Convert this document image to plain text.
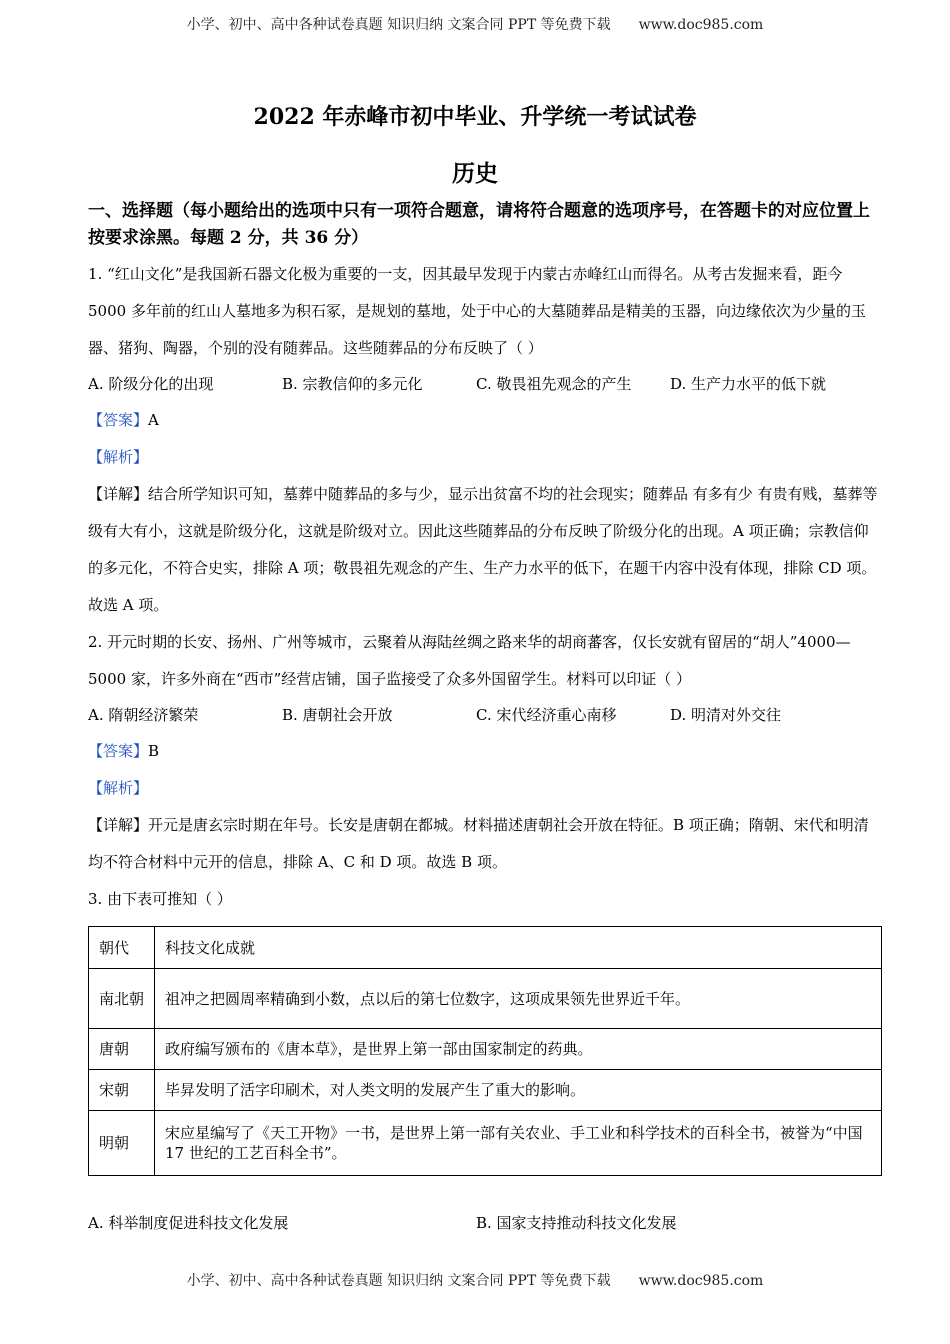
小学、初中、高中各种试卷真题 知识归纳 文案合同 PPT 等免费下载 www.doc985.com
2022 年赤峰市初中毕业、升学统一考试试卷
历史

一、选择题（每小题给出的选项中只有一项符合题意，请将符合题意的选项序号，在答题卡的对应位置上按要求涂黑。每题 2 分，共 36 分）

1. “红山文化”是我国新石器文化极为重要的一支，因其最早发现于内蒙古赤峰红山而得名。从考古发掘来看，距今 5000 多年前的红山人墓地多为积石冢，是规划的墓地，处于中心的大墓随葬品是精美的玉器，向边缘依次为少量的玉器、猪狗、陶器，个别的没有随葬品。这些随葬品的分布反映了（ ）

A. 阶级分化的出现	B. 宗教信仰的多元化	C. 敬畏祖先观念的产生	D. 生产力水平的低下就

【答案】A

【解析】

【详解】结合所学知识可知，墓葬中随葬品的多与少，显示出贫富不均的社会现实；随葬品 有多有少 有贵有贱，墓葬等级有大有小，这就是阶级分化，这就是阶级对立。因此这些随葬品的分布反映了阶级分化的出现。A 项正确；宗教信仰的多元化，不符合史实，排除 A 项；敬畏祖先观念的产生、生产力水平的低下，在题干内容中没有体现，排除 CD 项。故选 A 项。

2. 开元时期的长安、扬州、广州等城市，云聚着从海陆丝绸之路来华的胡商蕃客，仅长安就有留居的“胡人”4000—5000 家，许多外商在“西市”经营店铺，国子监接受了众多外国留学生。材料可以印证（ ）

A. 隋朝经济繁荣	B. 唐朝社会开放	C. 宋代经济重心南移	D. 明清对外交往

【答案】B

【解析】

【详解】开元是唐玄宗时期在年号。长安是唐朝在都城。材料描述唐朝社会开放在特征。B 项正确；隋朝、宋代和明清均不符合材料中元开的信息，排除 A、C 和 D 项。故选 B 项。

3. 由下表可推知（ ）

朝代	科技文化成就
南北朝	祖冲之把圆周率精确到小数，点以后的第七位数字，这项成果领先世界近千年。
唐朝	政府编写颁布的《唐本草》，是世界上第一部由国家制定的药典。
宋朝	毕昇发明了活字印刷术，对人类文明的发展产生了重大的影响。
明朝	宋应星编写了《天工开物》一书，是世界上第一部有关农业、手工业和科学技术的百科全书，被誉为“中国 17 世纪的工艺百科全书”。
A. 科举制度促进科技文化发展	B. 国家支持推动科技文化发展
小学、初中、高中各种试卷真题 知识归纳 文案合同 PPT 等免费下载 www.doc985.com
